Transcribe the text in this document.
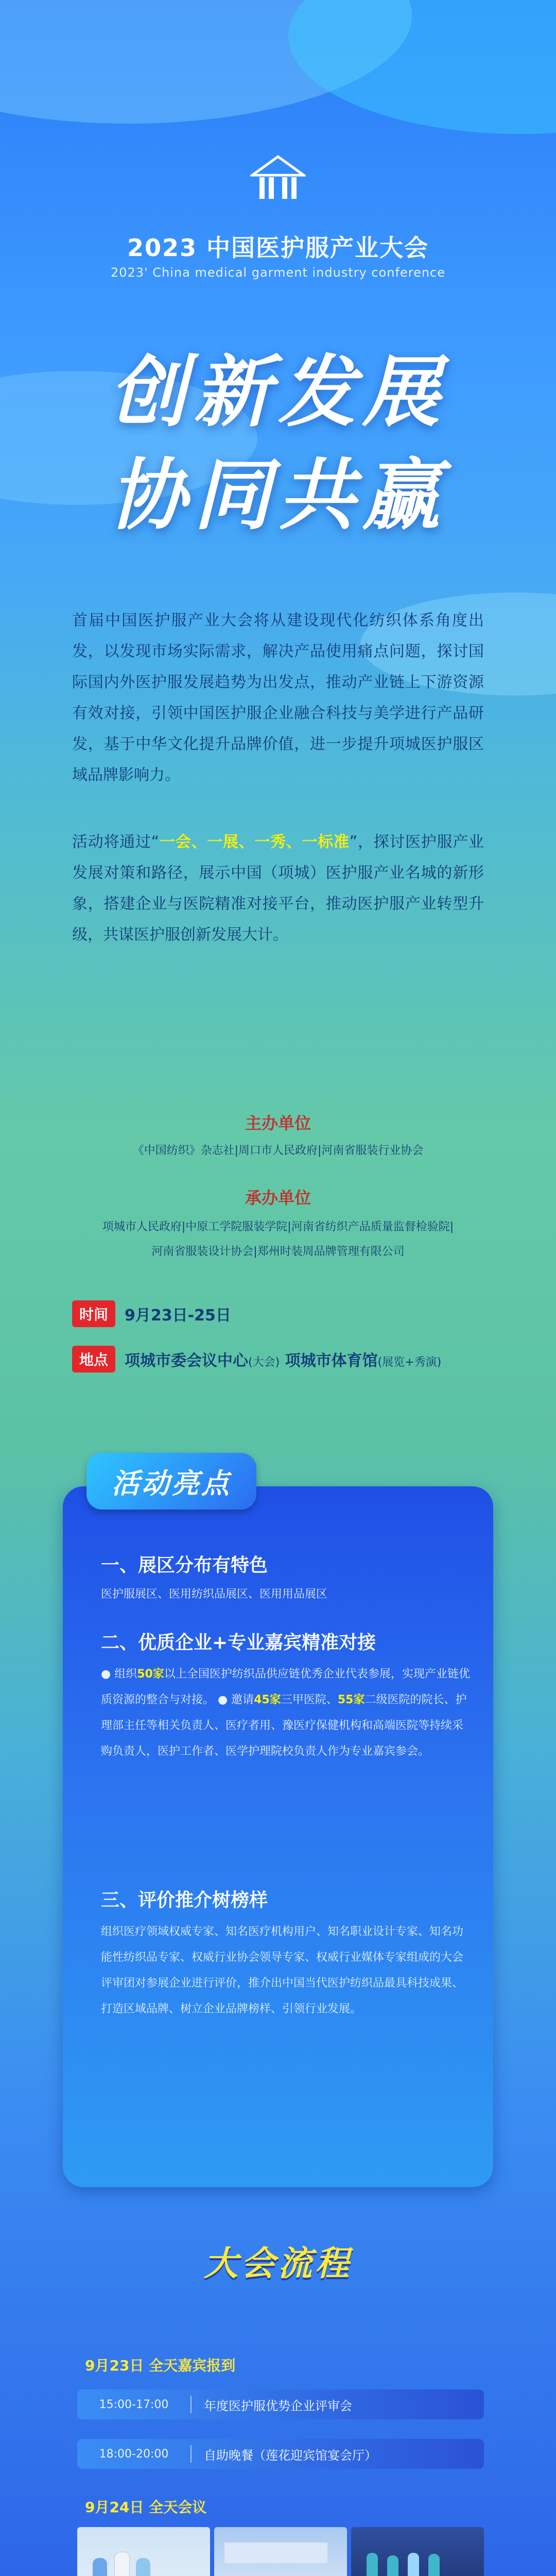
2023 中国医护服产业大会
2023' China medical garment industry conference
创新发展
协同共赢
首届中国医护服产业大会将从建设现代化纺织体系角度出发，以发现市场实际需求，解决产品使用痛点问题，探讨国际国内外医护服发展趋势为出发点，推动产业链上下游资源有效对接，引领中国医护服企业融合科技与美学进行产品研发，基于中华文化提升品牌价值，进一步提升项城医护服区域品牌影响力。
活动将通过“一会、一展、一秀、一标准”，探讨医护服产业发展对策和路径，展示中国（项城）医护服产业名城的新形象，搭建企业与医院精准对接平台，推动医护服产业转型升级，共谋医护服创新发展大计。
主办单位
《中国纺织》杂志社|周口市人民政府|河南省服装行业协会
承办单位
项城市人民政府|中原工学院服装学院|河南省纺织产品质量监督检验院|
河南省服装设计协会|郑州时装周品牌管理有限公司
时间	9月23日-25日
地点	项城市委会议中心(大会) 项城市体育馆(展览+秀演)
活动亮点
一、展区分布有特色
医护服展区、医用纺织品展区、医用用品展区
二、优质企业+专业嘉宾精准对接
● 组织50家以上全国医护纺织品供应链优秀企业代表参展，实现产业链优质资源的整合与对接。 ● 邀请45家三甲医院、55家二级医院的院长、护理部主任等相关负责人、医疗者用、豫医疗保健机构和高端医院等持续采购负责人，医护工作者、医学护理院校负责人作为专业嘉宾参会。
三、评价推介树榜样
组织医疗领域权威专家、知名医疗机构用户、知名职业设计专家、知名功能性纺织品专家、权威行业协会领导专家、权威行业媒体专家组成的大会评审团对参展企业进行评价，推介出中国当代医护纺织品最具科技成果、打造区域品牌、树立企业品牌榜样、引领行业发展。
大会流程
9月23日 全天嘉宾报到
15:00-17:00	年度医护服优势企业评审会
18:00-20:00	自助晚餐（莲花迎宾馆宴会厅）
9月24日 全天会议
